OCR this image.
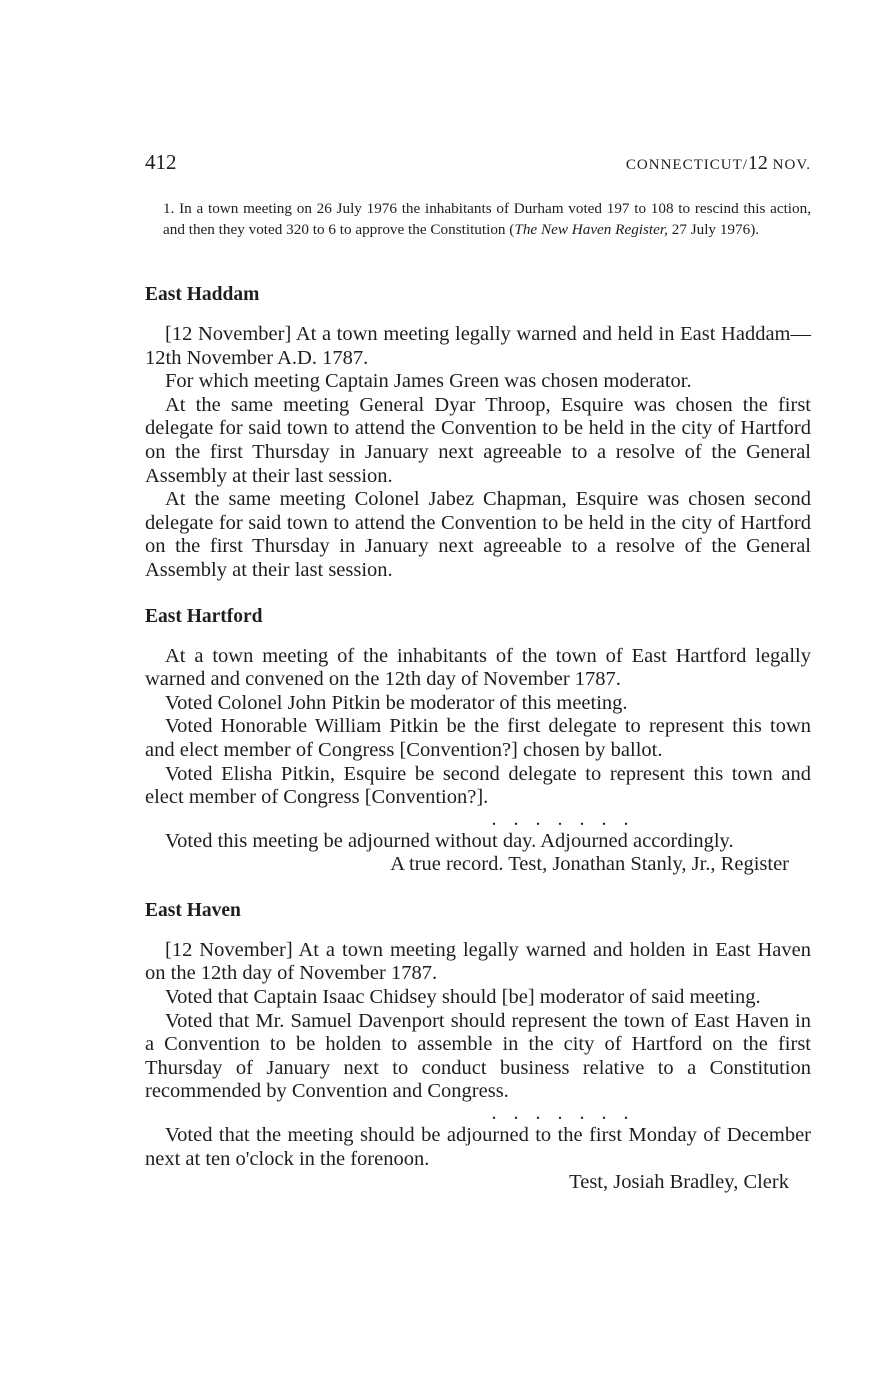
412	CONNECTICUT/12 NOV.
1. In a town meeting on 26 July 1976 the inhabitants of Durham voted 197 to 108 to rescind this action, and then they voted 320 to 6 to approve the Constitution (The New Haven Register, 27 July 1976).
East Haddam

[12 November] At a town meeting legally warned and held in East Haddam—12th November A.D. 1787.

For which meeting Captain James Green was chosen moderator.

At the same meeting General Dyar Throop, Esquire was chosen the first delegate for said town to attend the Convention to be held in the city of Hartford on the first Thursday in January next agreeable to a resolve of the General Assembly at their last session.

At the same meeting Colonel Jabez Chapman, Esquire was chosen second delegate for said town to attend the Convention to be held in the city of Hartford on the first Thursday in January next agreeable to a resolve of the General Assembly at their last session.

East Hartford

At a town meeting of the inhabitants of the town of East Hartford legally warned and convened on the 12th day of November 1787.

Voted Colonel John Pitkin be moderator of this meeting.

Voted Honorable William Pitkin be the first delegate to represent this town and elect member of Congress [Convention?] chosen by ballot.

Voted Elisha Pitkin, Esquire be second delegate to represent this town and elect member of Congress [Convention?].

. . . . . . .

Voted this meeting be adjourned without day. Adjourned accordingly.

A true record. Test, Jonathan Stanly, Jr., Register

East Haven

[12 November] At a town meeting legally warned and holden in East Haven on the 12th day of November 1787.

Voted that Captain Isaac Chidsey should [be] moderator of said meeting.

Voted that Mr. Samuel Davenport should represent the town of East Haven in a Convention to be holden to assemble in the city of Hartford on the first Thursday of January next to conduct business relative to a Constitution recommended by Convention and Congress.

. . . . . . .

Voted that the meeting should be adjourned to the first Monday of December next at ten o'clock in the forenoon.

Test, Josiah Bradley, Clerk
